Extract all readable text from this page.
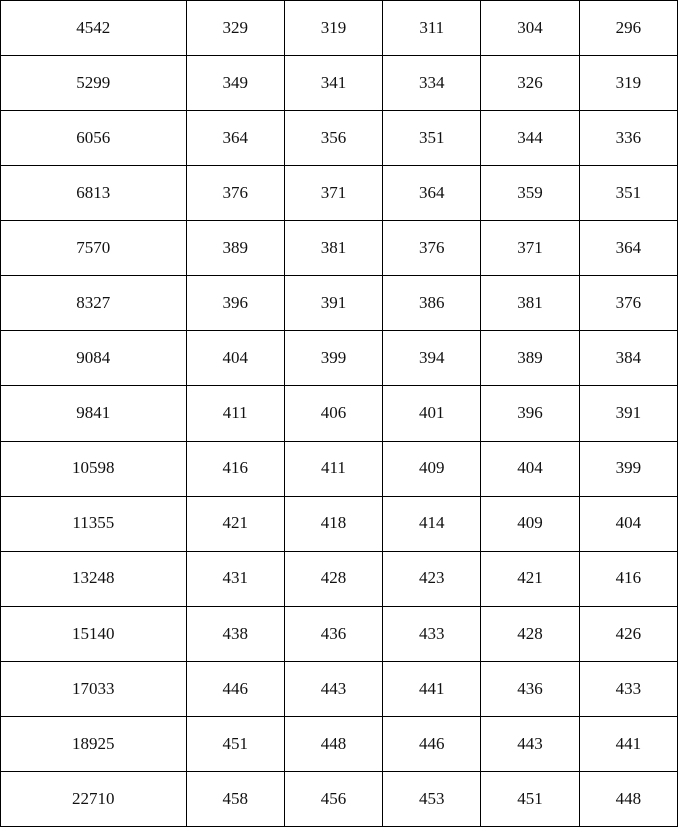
4542	329	319	311	304	296
5299	349	341	334	326	319
6056	364	356	351	344	336
6813	376	371	364	359	351
7570	389	381	376	371	364
8327	396	391	386	381	376
9084	404	399	394	389	384
9841	411	406	401	396	391
10598	416	411	409	404	399
11355	421	418	414	409	404
13248	431	428	423	421	416
15140	438	436	433	428	426
17033	446	443	441	436	433
18925	451	448	446	443	441
22710	458	456	453	451	448
